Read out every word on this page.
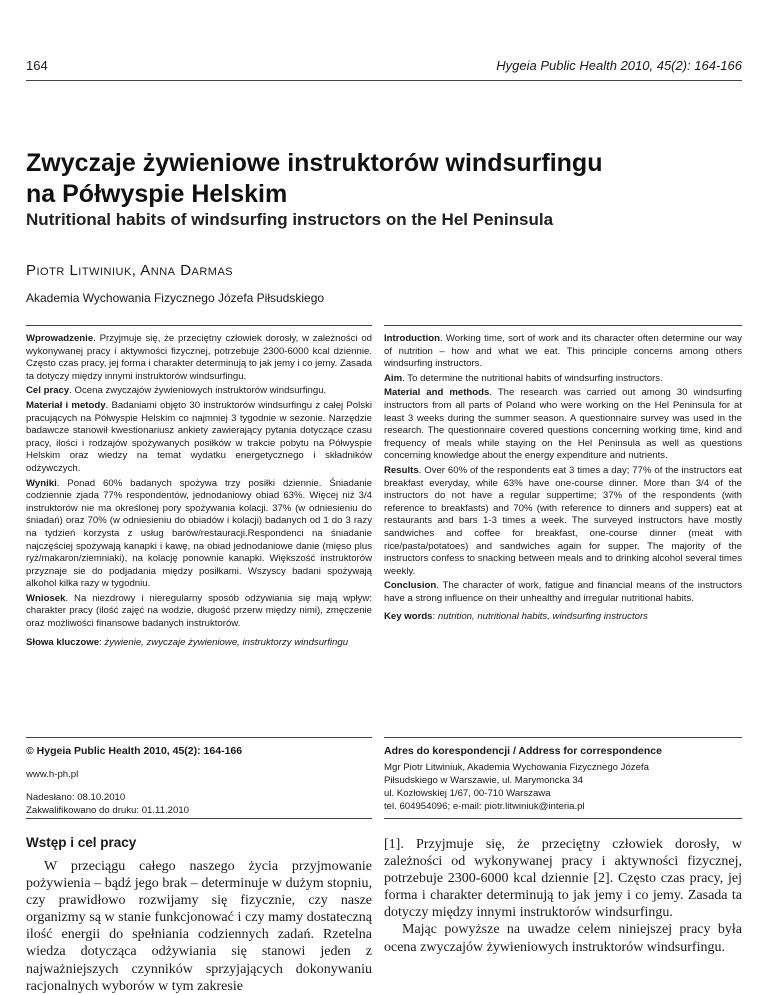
164	Hygeia Public Health 2010, 45(2): 164-166
Zwyczaje żywieniowe instruktorów windsurfingu
na Półwyspie Helskim
Nutritional habits of windsurfing instructors on the Hel Peninsula
Piotr Litwiniuk, Anna Darmas
Akademia Wychowania Fizycznego Józefa Piłsudskiego

Wprowadzenie. Przyjmuje się, że przeciętny człowiek dorosły, w zależności od wykonywanej pracy i aktywności fizycznej, potrzebuje 2300-6000 kcal dziennie. Często czas pracy, jej forma i charakter determinują to jak jemy i co jemy. Zasada ta dotyczy między innymi instruktorów windsurfingu.

Cel pracy. Ocena zwyczajów żywieniowych instruktorów windsurfingu.

Materiał i metody. Badaniami objęto 30 instruktorów windsurfingu z całej Polski pracujących na Półwyspie Helskim co najmniej 3 tygodnie w sezonie. Narzędzie badawcze stanowił kwestionariusz ankiety zawierający pytania dotyczące czasu pracy, ilości i rodzajów spożywanych posiłków w trakcie pobytu na Półwyspie Helskim oraz wiedzy na temat wydatku energetycznego i składników odżywczych.

Wyniki. Ponad 60% badanych spożywa trzy posiłki dziennie. Śniadanie codziennie zjada 77% respondentów, jednodaniowy obiad 63%. Więcej niż 3/4 instruktorów nie ma określonej pory spożywania kolacji. 37% (w odniesieniu do śniadań) oraz 70% (w odniesieniu do obiadów i kolacji) badanych od 1 do 3 razy na tydzień korzysta z usług barów/restauracji.Respondenci na śniadanie najczęściej spożywają kanapki i kawę, na obiad jednodaniowe danie (mięso plus ryż/makaron/ziemniaki), na kolację ponownie kanapki. Większość instruktorów przyznaje sie do podjadania między posiłkami. Wszyscy badani spożywają alkohol kilka razy w tygodniu.

Wniosek. Na niezdrowy i nieregularny sposób odżywiania się mają wpływ: charakter pracy (ilość zajęć na wodzie, długość przerw między nimi), zmęczenie oraz możliwości finansowe badanych instruktorów.

Słowa kluczowe: żywienie, zwyczaje żywieniowe, instruktorzy windsurfingu

Introduction. Working time, sort of work and its character often determine our way of nutrition – how and what we eat. This principle concerns among others windsurfing instructors.

Aim. To determine the nutritional habits of windsurfing instructors.

Material and methods. The research was carried out among 30 windsurfing instructors from all parts of Poland who were working on the Hel Peninsula for at least 3 weeks during the summer season. A questionnaire survey was used in the research. The questionnaire covered questions concerning working time, kind and frequency of meals while staying on the Hel Peninsula as well as questions concerning knowledge about the energy expenditure and nutrients.

Results. Over 60% of the respondents eat 3 times a day; 77% of the instructors eat breakfast everyday, while 63% have one-course dinner. More than 3/4 of the instructors do not have a regular suppertime; 37% of the respondents (with reference to breakfasts) and 70% (with reference to dinners and suppers) eat at restaurants and bars 1-3 times a week. The surveyed instructors have mostly sandwiches and coffee for breakfast, one-course dinner (meat with rice/pasta/potatoes) and sandwiches again for supper. The majority of the instructors confess to snacking between meals and to drinking alcohol several times weekly.

Conclusion. The character of work, fatigue and financial means of the instructors have a strong influence on their unhealthy and irregular nutritional habits.

Key words: nutrition, nutritional habits, windsurfing instructors

© Hygeia Public Health 2010, 45(2): 164-166
www.h-ph.pl
Nadesłano: 08.10.2010
Zakwalifikowano do druku: 01.11.2010
Adres do korespondencji / Address for correspondence
Mgr Piotr Litwiniuk, Akademia Wychowania Fizycznego Józefa
Piłsudskiego w Warszawie, ul. Marymoncka 34
ul. Kozłowskiej 1/67, 00-710 Warszawa
tel. 604954096; e-mail: piotr.litwiniuk@interia.pl
Wstęp i cel pracy

W przeciągu całego naszego życia przyjmowanie pożywienia – bądź jego brak – determinuje w dużym stopniu, czy prawidłowo rozwijamy się fizycznie, czy nasze organizmy są w stanie funkcjonować i czy mamy dostateczną ilość energii do spełniania codziennych zadań. Rzetelna wiedza dotycząca odżywiania się stanowi jeden z najważniejszych czynników sprzyjających dokonywaniu racjonalnych wyborów w tym zakresie

[1]. Przyjmuje się, że przeciętny człowiek dorosły, w zależności od wykonywanej pracy i aktywności fizycznej, potrzebuje 2300-6000 kcal dziennie [2]. Często czas pracy, jej forma i charakter determinują to jak jemy i co jemy. Zasada ta dotyczy między innymi instruktorów windsurfingu.

Mając powyższe na uwadze celem niniejszej pracy była ocena zwyczajów żywieniowych instruktorów windsurfingu.
